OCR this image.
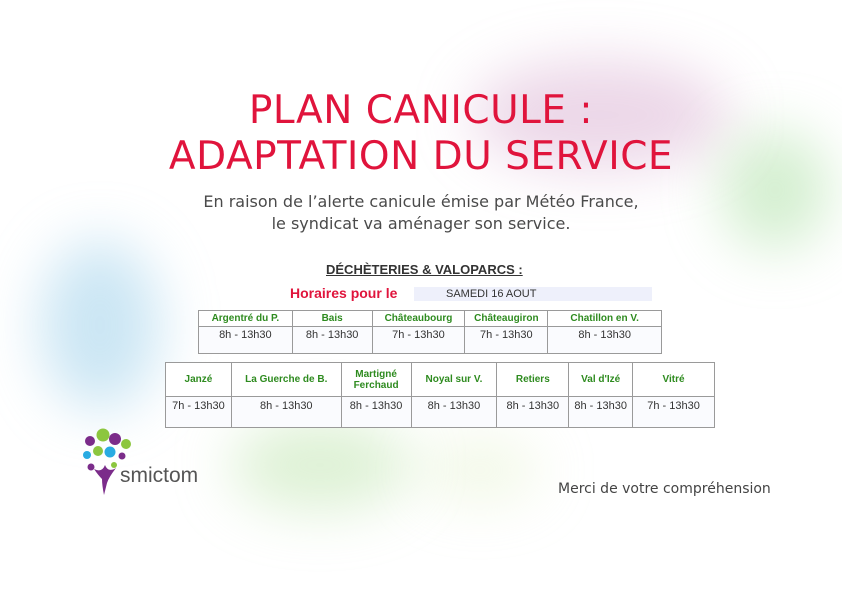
PLAN CANICULE :
ADAPTATION DU SERVICE
En raison de l’alerte canicule émise par Météo France,
le syndicat va aménager son service.
DÉCHÈTERIES & VALOPARCS :
Horaires pour le	SAMEDI 16 AOUT
Argentré du P.	Bais	Châteaubourg	Châteaugiron	Chatillon en V.
8h - 13h30	8h - 13h30	7h - 13h30	7h - 13h30	8h - 13h30
Janzé	La Guerche de B.	Martigné Ferchaud	Noyal sur V.	Retiers	Val d'Izé	Vitré
7h - 13h30	8h - 13h30	8h - 13h30	8h - 13h30	8h - 13h30	8h - 13h30	7h - 13h30
smictom
Merci de votre compréhension
